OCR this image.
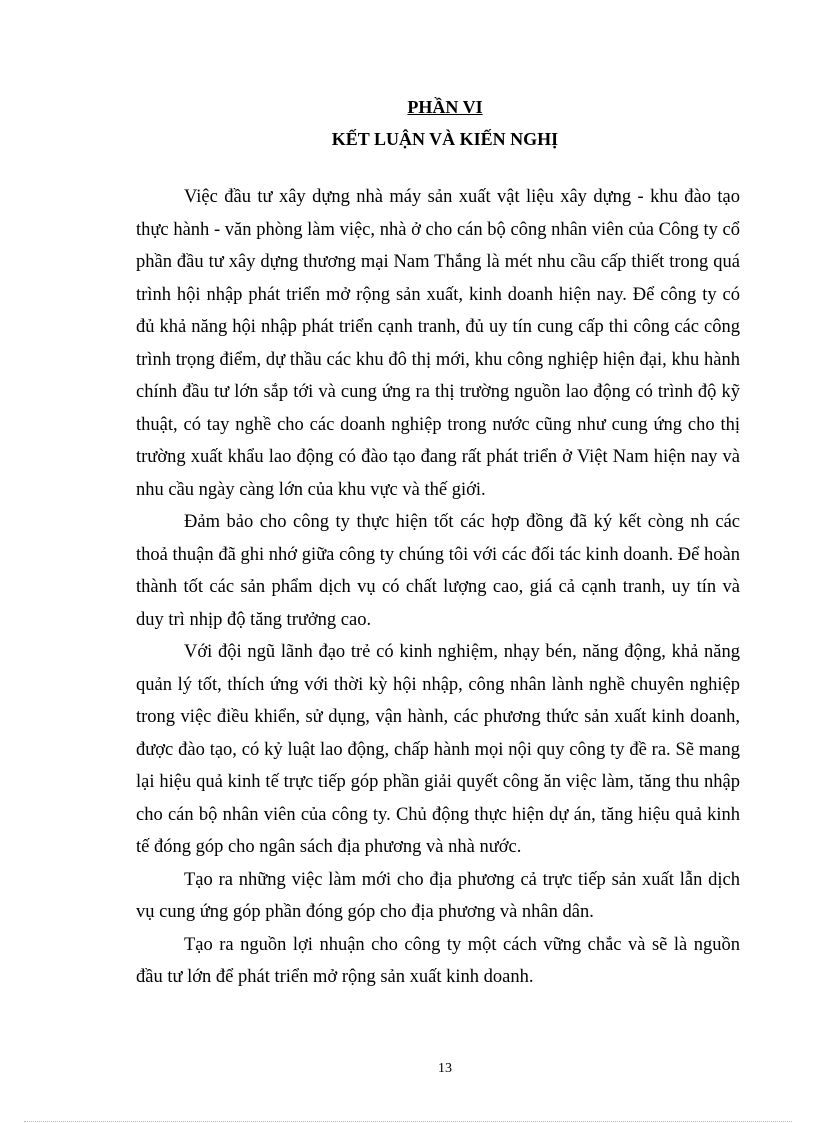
PHẦN VI
KẾT LUẬN VÀ KIẾN NGHỊ

Việc đầu tư xây dựng nhà máy sản xuất vật liệu xây dựng - khu đào tạo thực hành - văn phòng làm việc, nhà ở cho cán bộ công nhân viên của Công ty cổ phần đầu tư xây dựng thương mại Nam Thắng là mét nhu cầu cấp thiết trong quá trình hội nhập phát triển mở rộng sản xuất, kinh doanh hiện nay. Để công ty có đủ khả năng hội nhập phát triển cạnh tranh, đủ uy tín cung cấp thi công các công trình trọng điểm, dự thầu các khu đô thị mới, khu công nghiệp hiện đại, khu hành chính đầu tư lớn sắp tới và cung ứng ra thị trường nguồn lao động có trình độ kỹ thuật, có tay nghề cho các doanh nghiệp trong nước cũng như cung ứng cho thị trường xuất khẩu lao động có đào tạo đang rất phát triển ở Việt Nam hiện nay và nhu cầu ngày càng lớn của khu vực và thế giới.

Đảm bảo cho công ty thực hiện tốt các hợp đồng đã ký kết còng nh các thoả thuận đã ghi nhớ giữa công ty chúng tôi với các đối tác kinh doanh. Để hoàn thành tốt các sản phẩm dịch vụ có chất lượng cao, giá cả cạnh tranh, uy tín và duy trì nhịp độ tăng trưởng cao.

Với đội ngũ lãnh đạo trẻ có kinh nghiệm, nhạy bén, năng động, khả năng quản lý tốt, thích ứng với thời kỳ hội nhập, công nhân lành nghề chuyên nghiệp trong việc điều khiển, sử dụng, vận hành, các phương thức sản xuất kinh doanh, được đào tạo, có kỷ luật lao động, chấp hành mọi nội quy công ty đề ra. Sẽ mang lại hiệu quả kinh tế trực tiếp góp phần giải quyết công ăn việc làm, tăng thu nhập cho cán bộ nhân viên của công ty. Chủ động thực hiện dự án, tăng hiệu quả kinh tế đóng góp cho ngân sách địa phương và nhà nước.

Tạo ra những việc làm mới cho địa phương cả trực tiếp sản xuất lẫn dịch vụ cung ứng góp phần đóng góp cho địa phương và nhân dân.

Tạo ra nguồn lợi nhuận cho công ty một cách vững chắc và sẽ là nguồn đầu tư lớn để phát triển mở rộng sản xuất kinh doanh.

13
